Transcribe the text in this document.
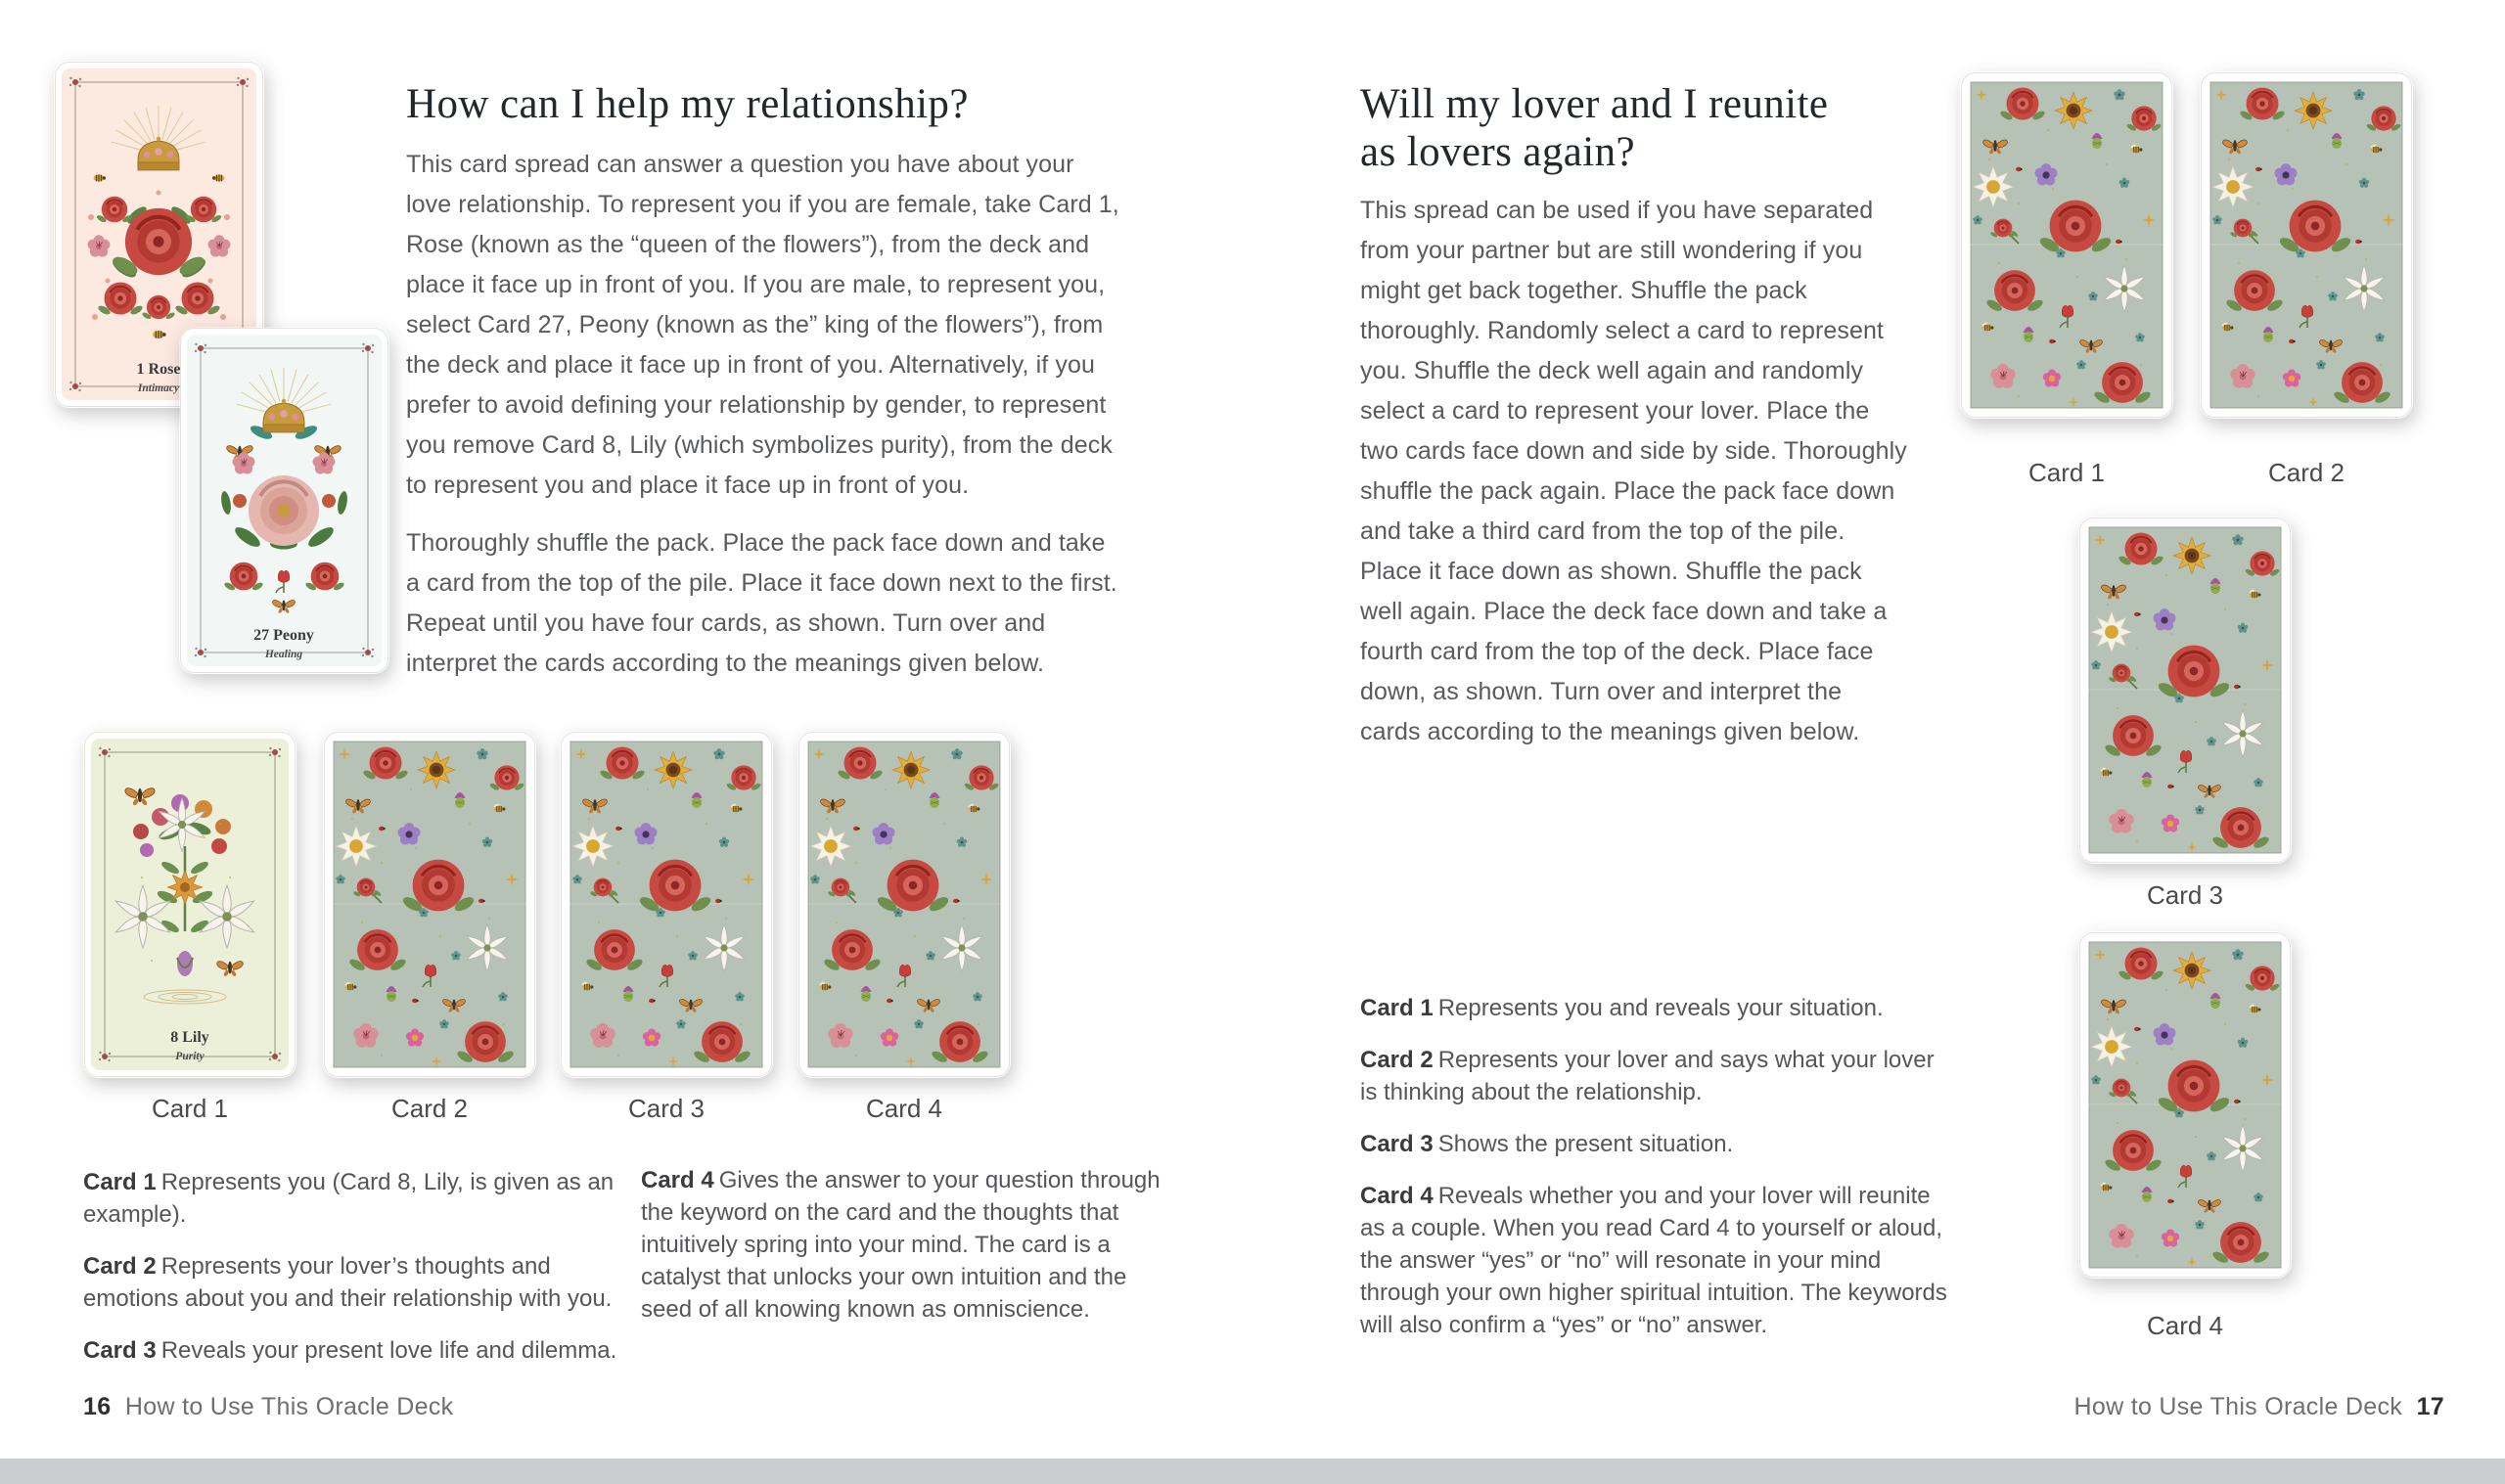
1 Rose
Intimacy
27 Peony
Healing
How can I help my relationship?

This card spread can answer a question you have about your love relationship. To represent you if you are female, take Card 1, Rose (known as the “queen of the flowers”), from the deck and place it face up in front of you. If you are male, to represent you, select Card 27, Peony (known as the” king of the flowers”), from the deck and place it face up in front of you. Alternatively, if you prefer to avoid defining your relationship by gender, to represent you remove Card 8, Lily (which symbolizes purity), from the deck to represent you and place it face up in front of you.

Thoroughly shuffle the pack. Place the pack face down and take a card from the top of the pile. Place it face down next to the first. Repeat until you have four cards, as shown. Turn over and interpret the cards according to the meanings given below.

8 Lily
Purity
Card 1	Card 2	Card 3	Card 4

Card 1 Represents you (Card 8, Lily, is given as an example).

Card 2 Represents your lover’s thoughts and emotions about you and their relationship with you.

Card 3 Reveals your present love life and dilemma.

Card 4 Gives the answer to your question through the keyword on the card and the thoughts that intuitively spring into your mind. The card is a catalyst that unlocks your own intuition and the seed of all knowing known as omniscience.

16 How to Use This Oracle Deck
Will my lover and I reunite
as lovers again?

This spread can be used if you have separated from your partner but are still wondering if you might get back together. Shuffle the pack thoroughly. Randomly select a card to represent you. Shuffle the deck well again and randomly select a card to represent your lover. Place the two cards face down and side by side. Thoroughly shuffle the pack again. Place the pack face down and take a third card from the top of the pile. Place it face down as shown. Shuffle the pack well again. Place the deck face down and take a fourth card from the top of the deck. Place face down, as shown. Turn over and interpret the cards according to the meanings given below.

Card 1	Card 2
Card 3
Card 4

Card 1 Represents you and reveals your situation.

Card 2 Represents your lover and says what your lover is thinking about the relationship.

Card 3 Shows the present situation.

Card 4 Reveals whether you and your lover will reunite as a couple. When you read Card 4 to yourself or aloud, the answer “yes” or “no” will resonate in your mind through your own higher spiritual intuition. The keywords will also confirm a “yes” or “no” answer.

How to Use This Oracle Deck 17
